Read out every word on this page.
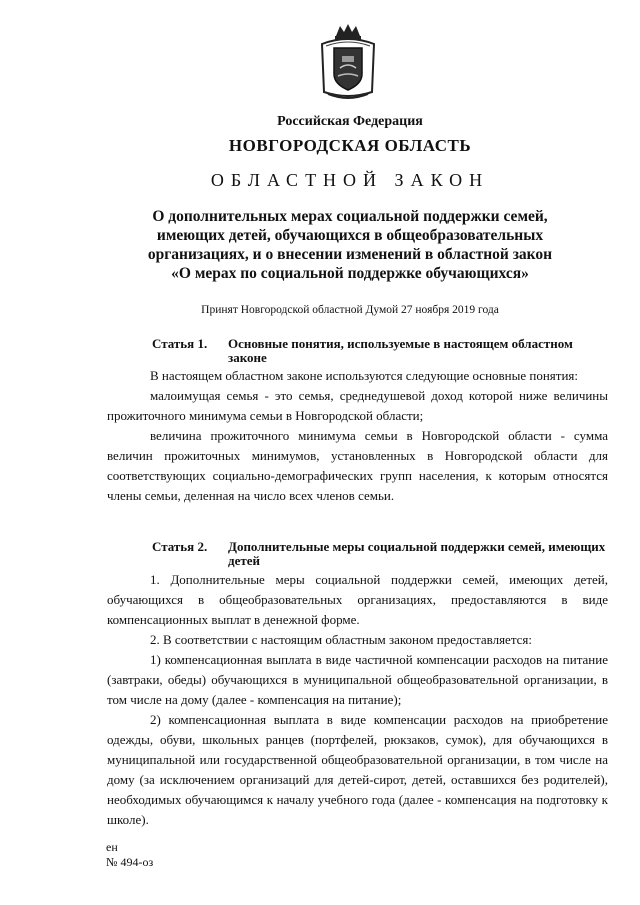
Российская Федерация
НОВГОРОДСКАЯ ОБЛАСТЬ
ОБЛАСТНОЙ ЗАКОН
О дополнительных мерах социальной поддержки семей,
имеющих детей, обучающихся в общеобразовательных
организациях, и о внесении изменений в областной закон
«О мерах по социальной поддержке обучающихся»
Принят Новгородской областной Думой 27 ноября 2019 года
Статья 1. Основные понятия, используемые в настоящем областном законе

В настоящем областном законе используются следующие основные понятия:

малоимущая семья - это семья, среднедушевой доход которой ниже величины прожиточного минимума семьи в Новгородской области;

величина прожиточного минимума семьи в Новгородской области - сумма величин прожиточных минимумов, установленных в Новгородской области для соответствующих социально-демографических групп населения, к которым относятся члены семьи, деленная на число всех членов семьи.

Статья 2. Дополнительные меры социальной поддержки семей, имеющих детей

1. Дополнительные меры социальной поддержки семей, имеющих детей, обучающихся в общеобразовательных организациях, предоставляются в виде компенсационных выплат в денежной форме.

2. В соответствии с настоящим областным законом предоставляется:

1) компенсационная выплата в виде частичной компенсации расходов на питание (завтраки, обеды) обучающихся в муниципальной общеобразовательной организации, в том числе на дому (далее - компенсация на питание);

2) компенсационная выплата в виде компенсации расходов на приобретение одежды, обуви, школьных ранцев (портфелей, рюкзаков, сумок), для обучающихся в муниципальной или государственной общеобразовательной организации, в том числе на дому (за исключением организаций для детей-сирот, детей, оставшихся без родителей), необходимых обучающимся к началу учебного года (далее - компенсация на подготовку к школе).

ен
№ 494-оз
